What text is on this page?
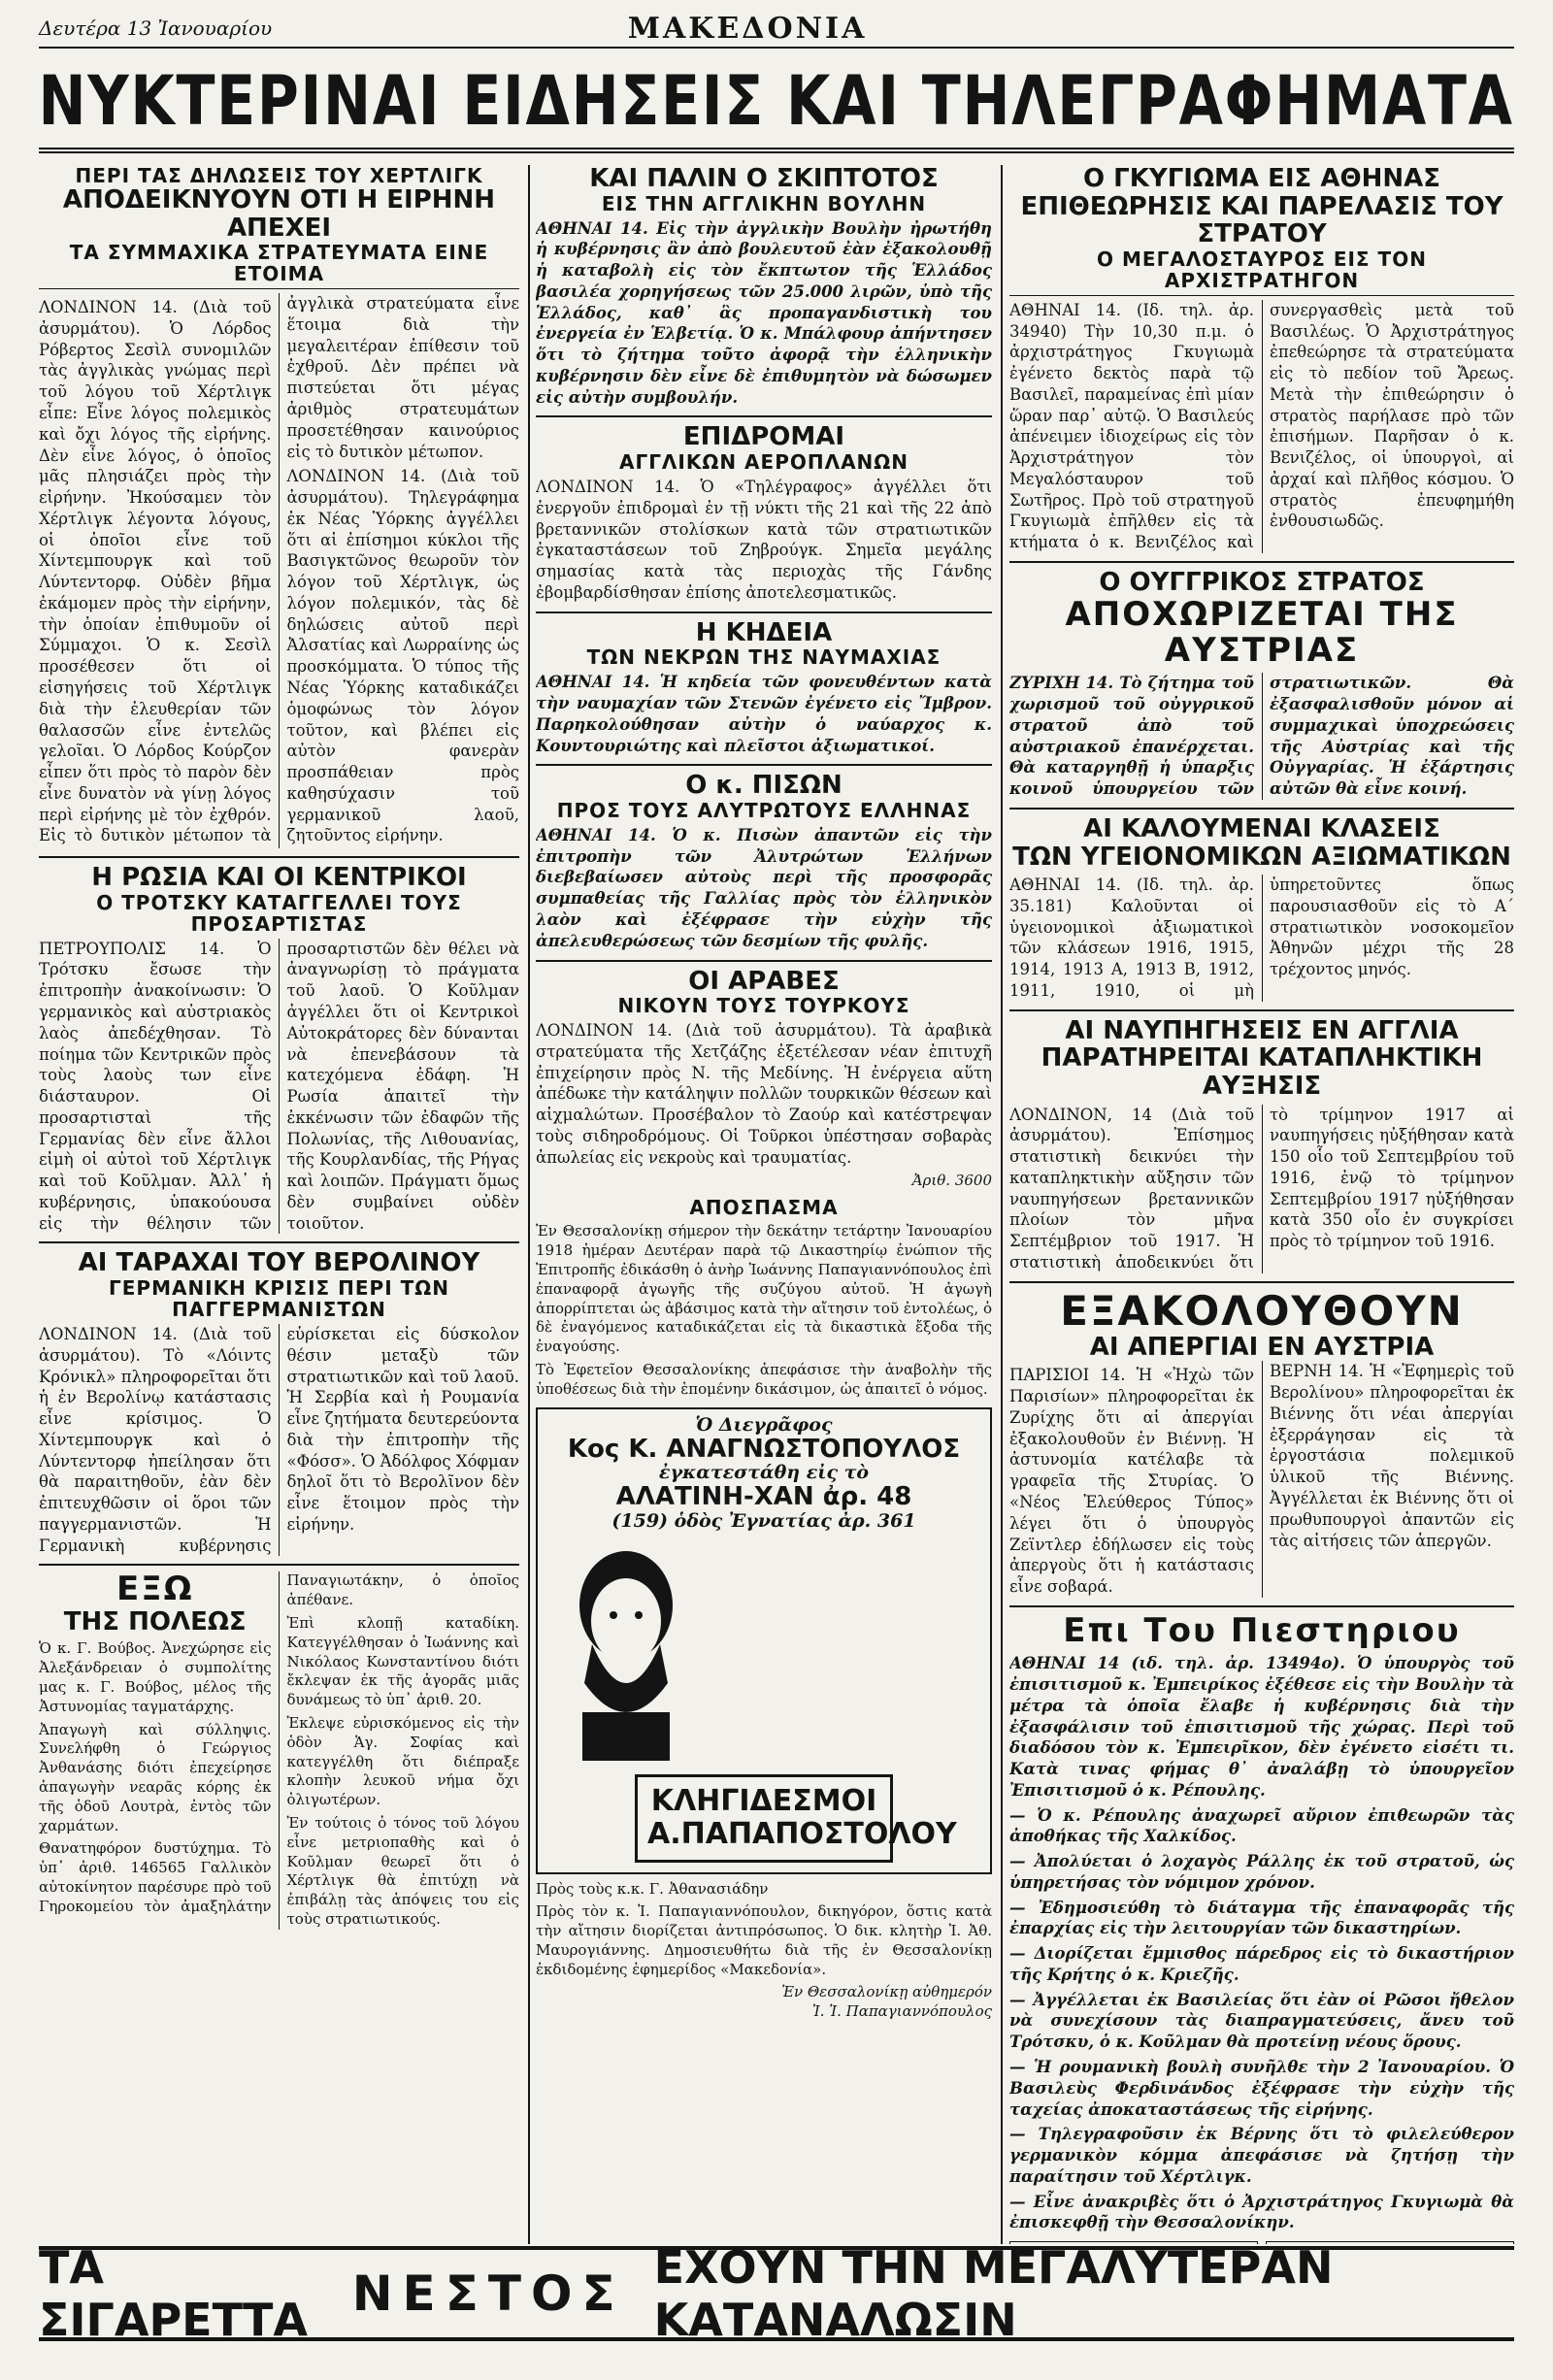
Δευτέρα 13 Ἰανουαρίου	ΜΑΚΕΔΟΝΙΑ
ΝΥΚΤΕΡΙΝΑΙ ΕΙΔΗΣΕΙΣ ΚΑΙ ΤΗΛΕΓΡΑΦΗΜΑΤΑ

ΠΕΡΙ ΤΑΣ ΔΗΛΩΣΕΙΣ ΤΟΥ ΧΕΡΤΛΙΓΚ

ΑΠΟΔΕΙΚΝΥΟΥΝ ΟΤΙ Η ΕΙΡΗΝΗ ΑΠΕΧΕΙ

ΤΑ ΣΥΜΜΑΧΙΚΑ ΣΤΡΑΤΕΥΜΑΤΑ ΕΙΝΕ ΕΤΟΙΜΑ

ΛΟΝΔΙΝΟΝ 14. (Διὰ τοῦ ἀσυρμάτου). Ὁ Λόρδος Ρόβερτος Σεσὶλ συνομιλῶν τὰς ἀγγλικὰς γνώμας περὶ τοῦ λόγου τοῦ Χέρτλιγκ εἶπε: Εἶνε λόγος πολεμικὸς καὶ ὄχι λόγος τῆς εἰρήνης. Δὲν εἶνε λόγος, ὁ ὁποῖος μᾶς πλησιάζει πρὸς τὴν εἰρήνην. Ἠκούσαμεν τὸν Χέρτλιγκ λέγοντα λόγους, οἱ ὁποῖοι εἶνε τοῦ Χίντεμπουργκ καὶ τοῦ Λύντεντορφ. Οὐδὲν βῆμα ἐκάμομεν πρὸς τὴν εἰρήνην, τὴν ὁποίαν ἐπιθυμοῦν οἱ Σύμμαχοι. Ὁ κ. Σεσὶλ προσέθεσεν ὅτι οἱ εἰσηγήσεις τοῦ Χέρτλιγκ διὰ τὴν ἐλευθερίαν τῶν θαλασσῶν εἶνε ἐντελῶς γελοῖαι. Ὁ Λόρδος Κούρζον εἶπεν ὅτι πρὸς τὸ παρὸν δὲν εἶνε δυνατὸν νὰ γίνῃ λόγος περὶ εἰρήνης μὲ τὸν ἐχθρόν. Εἰς τὸ δυτικὸν μέτωπον τὰ ἀγγλικὰ στρατεύματα εἶνε ἕτοιμα διὰ τὴν μεγαλειτέραν ἐπίθεσιν τοῦ ἐχθροῦ. Δὲν πρέπει νὰ πιστεύεται ὅτι μέγας ἀριθμὸς στρατευμάτων προσετέθησαν καινούριος εἰς τὸ δυτικὸν μέτωπον.

ΛΟΝΔΙΝΟΝ 14. (Διὰ τοῦ ἀσυρμάτου). Τηλεγράφημα ἐκ Νέας Ὑόρκης ἀγγέλλει ὅτι αἱ ἐπίσημοι κύκλοι τῆς Βασιγκτῶνος θεωροῦν τὸν λόγον τοῦ Χέρτλιγκ, ὡς λόγον πολεμικόν, τὰς δὲ δηλώσεις αὐτοῦ περὶ Ἀλσατίας καὶ Λωρραίνης ὡς προσκόμματα. Ὁ τύπος τῆς Νέας Ὑόρκης καταδικάζει ὁμοφώνως τὸν λόγον τοῦτον, καὶ βλέπει εἰς αὐτὸν φανερὰν προσπάθειαν πρὸς καθησύχασιν τοῦ γερμανικοῦ λαοῦ, ζητοῦντος εἰρήνην.

Η ΡΩΣΙΑ ΚΑΙ ΟΙ ΚΕΝΤΡΙΚΟΙ

Ο ΤΡΟΤΣΚΥ ΚΑΤΑΓΓΕΛΛΕΙ ΤΟΥΣ ΠΡΟΣΑΡΤΙΣΤΑΣ

ΠΕΤΡΟΥΠΟΛΙΣ 14. Ὁ Τρότσκυ ἔσωσε τὴν ἐπιτροπὴν ἀνακοίνωσιν: Ὁ γερμανικὸς καὶ αὐστριακὸς λαὸς ἀπεδέχθησαν. Τὸ ποίημα τῶν Κεντρικῶν πρὸς τοὺς λαοὺς των εἶνε διάσταυρον. Οἱ προσαρτισταὶ τῆς Γερμανίας δὲν εἶνε ἄλλοι εἰμὴ οἱ αὐτοὶ τοῦ Χέρτλιγκ καὶ τοῦ Κοῦλμαν. Ἀλλ᾽ ἡ κυβέρνησις, ὑπακούουσα εἰς τὴν θέλησιν τῶν προσαρτιστῶν δὲν θέλει νὰ ἀναγνωρίσῃ τὸ πράγματα τοῦ λαοῦ. Ὁ Κοῦλμαν ἀγγέλλει ὅτι οἱ Κεντρικοὶ Αὐτοκράτορες δὲν δύνανται νὰ ἐπενεβάσουν τὰ κατεχόμενα ἐδάφη. Ἡ Ρωσία ἀπαιτεῖ τὴν ἐκκένωσιν τῶν ἐδαφῶν τῆς Πολωνίας, τῆς Λιθουανίας, τῆς Κουρλανδίας, τῆς Ρήγας καὶ λοιπῶν. Πράγματι ὅμως δὲν συμβαίνει οὐδὲν τοιοῦτον.

ΑΙ ΤΑΡΑΧΑΙ ΤΟΥ ΒΕΡΟΛΙΝΟΥ

ΓΕΡΜΑΝΙΚΗ ΚΡΙΣΙΣ ΠΕΡΙ ΤΩΝ ΠΑΓΓΕΡΜΑΝΙΣΤΩΝ

ΛΟΝΔΙΝΟΝ 14. (Διὰ τοῦ ἀσυρμάτου). Τὸ «Λόιντς Κρόνικλ» πληροφορεῖται ὅτι ἡ ἐν Βερολίνῳ κατάστασις εἶνε κρίσιμος. Ὁ Χίντεμπουργκ καὶ ὁ Λύντεντορφ ἠπείλησαν ὅτι θὰ παραιτηθοῦν, ἐὰν δὲν ἐπιτευχθῶσιν οἱ ὅροι τῶν παγγερμανιστῶν. Ἡ Γερμανικὴ κυβέρνησις εὑρίσκεται εἰς δύσκολον θέσιν μεταξὺ τῶν στρατιωτικῶν καὶ τοῦ λαοῦ. Ἡ Σερβία καὶ ἡ Ρουμανία εἶνε ζητήματα δευτερεύοντα διὰ τὴν ἐπιτροπὴν τῆς «Φόσσ». Ὁ Ἀδόλφος Χόφμαν δηλοῖ ὅτι τὸ Βερολῖνον δὲν εἶνε ἕτοιμον πρὸς τὴν εἰρήνην.

ΕΞΩ

ΤΗΣ ΠΟΛΕΩΣ

Ὁ κ. Γ. Βούβος. Ἀνεχώρησε εἰς Ἀλεξάνδρειαν ὁ συμπολίτης μας κ. Γ. Βούβος, μέλος τῆς Ἀστυνομίας ταγματάρχης.

Ἀπαγωγὴ καὶ σύλληψις. Συνελήφθη ὁ Γεώργιος Ἀνθανάσης διότι ἐπεχείρησε ἀπαγωγὴν νεαρᾶς κόρης ἐκ τῆς ὁδοῦ Λουτρὰ, ἐντὸς τῶν χαρμάτων.

Θανατηφόρον δυστύχημα. Τὸ ὑπ᾽ ἀριθ. 146565 Γαλλικὸν αὐτοκίνητον παρέσυρε πρὸ τοῦ Γηροκομείου τὸν ἀμαξηλάτην Παναγιωτάκην, ὁ ὁποῖος ἀπέθανε.

Ἐπὶ κλοπῇ καταδίκη. Κατεγγέλθησαν ὁ Ἰωάννης καὶ Νικόλαος Κωνσταντίνου διότι ἔκλεψαν ἐκ τῆς ἀγορᾶς μιᾶς δυνάμεως τὸ ὑπ᾽ ἀριθ. 20.

Ἐκλεψε εὐρισκόμενος εἰς τὴν ὁδὸν Ἁγ. Σοφίας καὶ κατεγγέλθη ὅτι διέπραξε κλοπὴν λευκοῦ νήμα ὄχι ὁλιγωτέρων.

Ἐν τούτοις ὁ τόνος τοῦ λόγου εἶνε μετριοπαθὴς καὶ ὁ Κοῦλμαν θεωρεῖ ὅτι ὁ Χέρτλιγκ θὰ ἐπιτύχῃ νὰ ἐπιβάλῃ τὰς ἀπόψεις του εἰς τοὺς στρατιωτικούς.

ΚΑΙ ΠΑΛΙΝ Ο ΣΚΙΠΤΟΤΟΣ

ΕΙΣ ΤΗΝ ΑΓΓΛΙΚΗΝ ΒΟΥΛΗΝ

ΑΘΗΝΑΙ 14. Εἰς τὴν ἀγγλικὴν Βουλὴν ἠρωτήθη ἡ κυβέρνησις ἂν ἀπὸ βουλευτοῦ ἐὰν ἐξακολουθῇ ἡ καταβολὴ εἰς τὸν ἔκπτωτον τῆς Ἑλλάδος βασιλέα χορηγήσεως τῶν 25.000 λιρῶν, ὑπὸ τῆς Ἑλλάδος, καθ᾽ ἃς προπαγανδιστικὴ του ἐνεργεία ἐν Ἑλβετίᾳ. Ὁ κ. Μπάλφουρ ἀπήντησεν ὅτι τὸ ζήτημα τοῦτο ἀφορᾷ τὴν ἑλληνικὴν κυβέρνησιν δὲν εἶνε δὲ ἐπιθυμητὸν νὰ δώσωμεν εἰς αὐτὴν συμβουλήν.

ΕΠΙΔΡΟΜΑΙ

ΑΓΓΛΙΚΩΝ ΑΕΡΟΠΛΑΝΩΝ

ΛΟΝΔΙΝΟΝ 14. Ὁ «Τηλέγραφος» ἀγγέλλει ὅτι ἐνεργοῦν ἐπιδρομαὶ ἐν τῇ νύκτι τῆς 21 καὶ τῆς 22 ἀπὸ βρεταννικῶν στολίσκων κατὰ τῶν στρατιωτικῶν ἐγκαταστάσεων τοῦ Ζηβρούγκ. Σημεῖα μεγάλης σημασίας κατὰ τὰς περιοχὰς τῆς Γάνδης ἐβομβαρδίσθησαν ἐπίσης ἀποτελεσματικῶς.

Η ΚΗΔΕΙΑ

ΤΩΝ ΝΕΚΡΩΝ ΤΗΣ ΝΑΥΜΑΧΙΑΣ

ΑΘΗΝΑΙ 14. Ἡ κηδεία τῶν φονευθέντων κατὰ τὴν ναυμαχίαν τῶν Στενῶν ἐγένετο εἰς Ἴμβρον. Παρηκολούθησαν αὐτὴν ὁ ναύαρχος κ. Κουντουριώτης καὶ πλεῖστοι ἀξιωματικοί.

Ο κ. ΠΙΣΩΝ

ΠΡΟΣ ΤΟΥΣ ΑΛΥΤΡΩΤΟΥΣ ΕΛΛΗΝΑΣ

ΑΘΗΝΑΙ 14. Ὁ κ. Πισὼν ἀπαντῶν εἰς τὴν ἐπιτροπὴν τῶν Ἀλυτρώτων Ἑλλήνων διεβεβαίωσεν αὐτοὺς περὶ τῆς προσφορᾶς συμπαθείας τῆς Γαλλίας πρὸς τὸν ἑλληνικὸν λαὸν καὶ ἐξέφρασε τὴν εὐχὴν τῆς ἀπελευθερώσεως τῶν δεσμίων τῆς φυλῆς.

ΟΙ ΑΡΑΒΕΣ

ΝΙΚΟΥΝ ΤΟΥΣ ΤΟΥΡΚΟΥΣ

ΛΟΝΔΙΝΟΝ 14. (Διὰ τοῦ ἀσυρμάτου). Τὰ ἀραβικὰ στρατεύματα τῆς Χετζάζης ἐξετέλεσαν νέαν ἐπιτυχῆ ἐπιχείρησιν πρὸς Ν. τῆς Μεδίνης. Ἡ ἐνέργεια αὕτη ἀπέδωκε τὴν κατάληψιν πολλῶν τουρκικῶν θέσεων καὶ αἰχμαλώτων. Προσέβαλον τὸ Ζαούρ καὶ κατέστρεψαν τοὺς σιδηροδρόμους. Οἱ Τοῦρκοι ὑπέστησαν σοβαρὰς ἀπωλείας εἰς νεκροὺς καὶ τραυματίας.

Ἀριθ. 3600

ΑΠΟΣΠΑΣΜΑ

Ἐν Θεσσαλονίκῃ σήμερον τὴν δεκάτην τετάρτην Ἰανουαρίου 1918 ἡμέραν Δευτέραν παρὰ τῷ Δικαστηρίῳ ἐνώπιον τῆς Ἐπιτροπῆς ἐδικάσθη ὁ ἀνὴρ Ἰωάννης Παπαγιαννόπουλος ἐπὶ ἐπαναφορᾷ ἀγωγῆς τῆς συζύγου αὐτοῦ. Ἡ ἀγωγὴ ἀπορρίπτεται ὡς ἀβάσιμος κατὰ τὴν αἴτησιν τοῦ ἐντολέως, ὁ δὲ ἐναγόμενος καταδικάζεται εἰς τὰ δικαστικὰ ἔξοδα τῆς ἐναγούσης.

Τὸ Ἐφετεῖον Θεσσαλονίκης ἀπεφάσισε τὴν ἀναβολὴν τῆς ὑποθέσεως διὰ τὴν ἑπομένην δικάσιμον, ὡς ἀπαιτεῖ ὁ νόμος.

Ὁ Διεγρᾶφος

Κος Κ. ΑΝΑΓΝΩΣΤΟΠΟΥΛΟΣ

ἐγκατεστάθη εἰς τὸ

ΑΛΑΤΙΝΗ-ΧΑΝ ἀρ. 48

(159) ὁδὸς Ἐγνατίας ἀρ. 361

ΚΛΗΓΙΔΕΣΜΟΙ Α.ΠΑΠΑΠΟΣΤΟΛΟΥ

Πρὸς τοὺς κ.κ. Γ. Ἀθανασιάδην

Πρὸς τὸν κ. Ἰ. Παπαγιαννόπουλον, δικηγόρον, ὅστις κατὰ τὴν αἴτησιν διορίζεται ἀντιπρόσωπος. Ὁ δικ. κλητὴρ Ἰ. Ἀθ. Μαυρογιάννης. Δημοσιευθήτω διὰ τῆς ἐν Θεσσαλονίκῃ ἐκδιδομένης ἐφημερίδος «Μακεδονία».

Ἐν Θεσσαλονίκῃ αὐθημερόν

Ἰ. Ἰ. Παπαγιαννόπουλος

Ο ΓΚΥΓΙΩΜΑ ΕΙΣ ΑΘΗΝΑΣ

ΕΠΙΘΕΩΡΗΣΙΣ ΚΑΙ ΠΑΡΕΛΑΣΙΣ ΤΟΥ ΣΤΡΑΤΟΥ

Ο ΜΕΓΑΛΟΣΤΑΥΡΟΣ ΕΙΣ ΤΟΝ ΑΡΧΙΣΤΡΑΤΗΓΟΝ

ΑΘΗΝΑΙ 14. (Ιδ. τηλ. ἀρ. 34940) Τὴν 10,30 π.μ. ὁ ἀρχιστράτηγος Γκυγιωμὰ ἐγένετο δεκτὸς παρὰ τῷ Βασιλεῖ, παραμείνας ἐπὶ μίαν ὥραν παρ᾽ αὐτῷ. Ὁ Βασιλεύς ἀπένειμεν ἰδιοχείρως εἰς τὸν Ἀρχιστράτηγον τὸν Μεγαλόσταυρον τοῦ Σωτῆρος. Πρὸ τοῦ στρατηγοῦ Γκυγιωμὰ ἐπῆλθεν εἰς τὰ κτήματα ὁ κ. Βενιζέλος καὶ συνεργασθεὶς μετὰ τοῦ Βασιλέως. Ὁ Ἀρχιστράτηγος ἐπεθεώρησε τὰ στρατεύματα εἰς τὸ πεδίον τοῦ Ἄρεως. Μετὰ τὴν ἐπιθεώρησιν ὁ στρατὸς παρήλασε πρὸ τῶν ἐπισήμων. Παρῆσαν ὁ κ. Βενιζέλος, οἱ ὑπουργοὶ, αἱ ἀρχαί καὶ πλῆθος κόσμου. Ὁ στρατὸς ἐπευφημήθη ἐνθουσιωδῶς.

Ο ΟΥΓΓΡΙΚΟΣ ΣΤΡΑΤΟΣ

ΑΠΟΧΩΡΙΖΕΤΑΙ ΤΗΣ ΑΥΣΤΡΙΑΣ

ΖΥΡΙΧΗ 14. Τὸ ζήτημα τοῦ χωρισμοῦ τοῦ οὐγγρικοῦ στρατοῦ ἀπὸ τοῦ αὐστριακοῦ ἐπανέρχεται. Θὰ καταργηθῇ ἡ ὑπαρξις κοινοῦ ὑπουργείου τῶν στρατιωτικῶν. Θὰ ἐξασφαλισθοῦν μόνον αἱ συμμαχικαὶ ὑποχρεώσεις τῆς Αὐστρίας καὶ τῆς Οὐγγαρίας. Ἡ ἐξάρτησις αὐτῶν θὰ εἶνε κοινή.

ΑΙ ΚΑΛΟΥΜΕΝΑΙ ΚΛΑΣΕΙΣ

ΤΩΝ ΥΓΕΙΟΝΟΜΙΚΩΝ ΑΞΙΩΜΑΤΙΚΩΝ

ΑΘΗΝΑΙ 14. (Ιδ. τηλ. ἀρ. 35.181) Καλοῦνται οἱ ὑγειονομικοὶ ἀξιωματικοὶ τῶν κλάσεων 1916, 1915, 1914, 1913 Α, 1913 Β, 1912, 1911, 1910, οἱ μὴ ὑπηρετοῦντες ὅπως παρουσιασθοῦν εἰς τὸ Α΄ στρατιωτικὸν νοσοκομεῖον Ἀθηνῶν μέχρι τῆς 28 τρέχοντος μηνός.

ΑΙ ΝΑΥΠΗΓΗΣΕΙΣ ΕΝ ΑΓΓΛΙΑ

ΠΑΡΑΤΗΡΕΙΤΑΙ ΚΑΤΑΠΛΗΚΤΙΚΗ ΑΥΞΗΣΙΣ

ΛΟΝΔΙΝΟΝ, 14 (Διὰ τοῦ ἀσυρμάτου). Ἐπίσημος στατιστικὴ δεικνύει τὴν καταπληκτικὴν αὔξησιν τῶν ναυπηγήσεων βρεταννικῶν πλοίων τὸν μῆνα Σεπτέμβριον τοῦ 1917. Ἡ στατιστικὴ ἀποδεικνύει ὅτι τὸ τρίμηνον 1917 αἱ ναυπηγήσεις ηὐξήθησαν κατὰ 150 οἷο τοῦ Σεπτεμβρίου τοῦ 1916, ἐνῷ τὸ τρίμηνον Σεπτεμβρίου 1917 ηὐξήθησαν κατὰ 350 οἷο ἐν συγκρίσει πρὸς τὸ τρίμηνον τοῦ 1916.

ΕΞΑΚΟΛΟΥΘΟΥΝ

ΑΙ ΑΠΕΡΓΙΑΙ ΕΝ ΑΥΣΤΡΙΑ

ΠΑΡΙΣΙΟΙ 14. Ἡ «Ἠχὼ τῶν Παρισίων» πληροφορεῖται ἐκ Ζυρίχης ὅτι αἱ ἀπεργίαι ἐξακολουθοῦν ἐν Βιέννῃ. Ἡ ἀστυνομία κατέλαβε τὰ γραφεῖα τῆς Στυρίας. Ὁ «Νέος Ἐλεύθερος Τύπος» λέγει ὅτι ὁ ὑπουργὸς Ζεϊντλερ ἐδήλωσεν εἰς τοὺς ἀπεργοὺς ὅτι ἡ κατάστασις εἶνε σοβαρά.

ΒΕΡΝΗ 14. Ἡ «Ἐφημερὶς τοῦ Βερολίνου» πληροφορεῖται ἐκ Βιέννης ὅτι νέαι ἀπεργίαι ἐξερράγησαν εἰς τὰ ἐργοστάσια πολεμικοῦ ὑλικοῦ τῆς Βιέννης. Ἀγγέλλεται ἐκ Βιέννης ὅτι οἱ πρωθυπουργοὶ ἀπαντῶν εἰς τὰς αἰτήσεις τῶν ἀπεργῶν.

Επι Του Πιεστηριου

ΑΘΗΝΑΙ 14 (ιδ. τηλ. ἀρ. 13494ο). Ὁ ὑπουργὸς τοῦ ἐπισιτισμοῦ κ. Ἐμπειρίκος ἐξέθεσε εἰς τὴν Βουλὴν τὰ μέτρα τὰ ὁποῖα ἔλαβε ἡ κυβέρνησις διὰ τὴν ἐξασφάλισιν τοῦ ἐπισιτισμοῦ τῆς χώρας. Περὶ τοῦ διαδόσου τὸν κ. Ἐμπειρῖκον, δὲν ἐγένετο εἰσέτι τι. Κατὰ τινας φήμας θ᾽ ἀναλάβῃ τὸ ὑπουργεῖον Ἐπισιτισμοῦ ὁ κ. Ρέπουλης.

— Ὁ κ. Ρέπουλης ἀναχωρεῖ αὔριον ἐπιθεωρῶν τὰς ἀποθήκας τῆς Χαλκίδος.

— Ἀπολύεται ὁ λοχαγὸς Ράλλης ἐκ τοῦ στρατοῦ, ὡς ὑπηρετήσας τὸν νόμιμον χρόνον.

— Ἐδημοσιεύθη τὸ διάταγμα τῆς ἐπαναφορᾶς τῆς ἐπαρχίας εἰς τὴν λειτουργίαν τῶν δικαστηρίων.

— Διορίζεται ἔμμισθος πάρεδρος εἰς τὸ δικαστήριον τῆς Κρήτης ὁ κ. Κριεζῆς.

— Ἀγγέλλεται ἐκ Βασιλείας ὅτι ἐὰν οἱ Ρῶσοι ἤθελον νὰ συνεχίσουν τὰς διαπραγματεύσεις, ἄνευ τοῦ Τρότσκυ, ὁ κ. Κοῦλμαν θὰ προτείνῃ νέους ὅρους.

— Ἡ ρουμανικὴ βουλὴ συνῆλθε τὴν 2 Ἰανουαρίου. Ὁ Βασιλεὺς Φερδινάνδος ἐξέφρασε τὴν εὐχὴν τῆς ταχείας ἀποκαταστάσεως τῆς εἰρήνης.

— Τηλεγραφοῦσιν ἐκ Βέρνης ὅτι τὸ φιλελεύθερον γερμανικὸν κόμμα ἀπεφάσισε νὰ ζητήσῃ τὴν παραίτησιν τοῦ Χέρτλιγκ.

— Εἶνε ἀνακριβὲς ὅτι ὁ Ἀρχιστράτηγος Γκυγιωμὰ θὰ ἐπισκεφθῇ τὴν Θεσσαλονίκην.

ΤΑ ΣΙΓΑΡΕΤΤΑ ΝΕΣΤΟΣ ΕΧΟΥΝ ΤΗΝ ΜΕΓΑΛΥΤΕΡΑΝ ΚΑΤΑΝΑΛΩΣΙΝ
